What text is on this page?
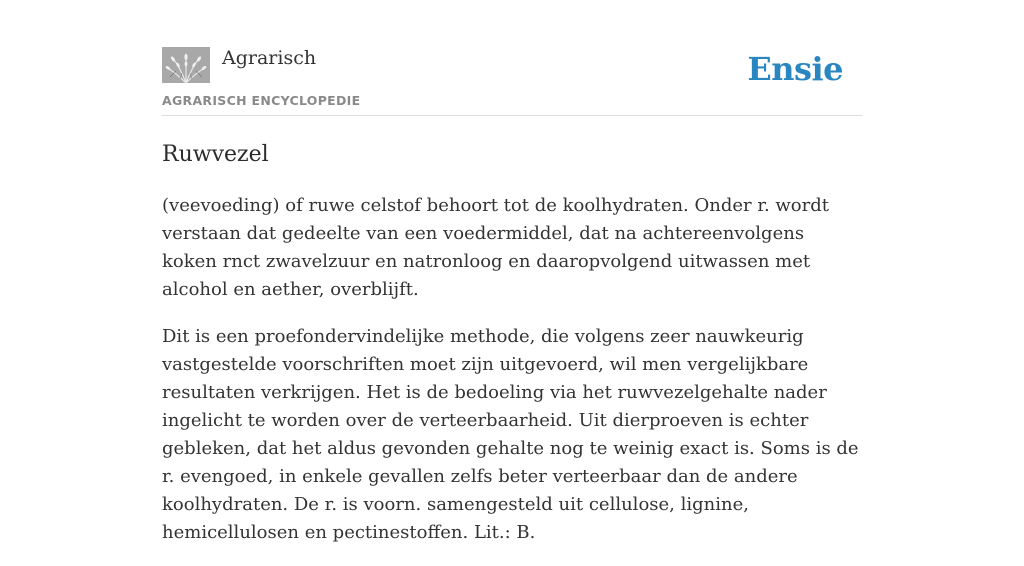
Agrarisch
AGRARISCH ENCYCLOPEDIE
Ensie
Ruwvezel

(veevoeding) of ruwe celstof behoort tot de koolhydraten. Onder r. wordt verstaan dat gedeelte van een voedermiddel, dat na achtereenvolgens koken rnct zwavelzuur en natronloog en daaropvolgend uitwassen met alcohol en aether, overblijft.

Dit is een proefondervindelijke methode, die volgens zeer nauwkeurig vastgestelde voorschriften moet zijn uitgevoerd, wil men vergelijkbare resultaten verkrijgen. Het is de bedoeling via het ruwvezelgehalte nader ingelicht te worden over de verteerbaarheid. Uit dierproeven is echter gebleken, dat het aldus gevonden gehalte nog te weinig exact is. Soms is de r. evengoed, in enkele gevallen zelfs beter verteerbaar dan de andere koolhydraten. De r. is voorn. samengesteld uit cellulose, lignine, hemicellulosen en pectinestoffen. Lit.: B.
